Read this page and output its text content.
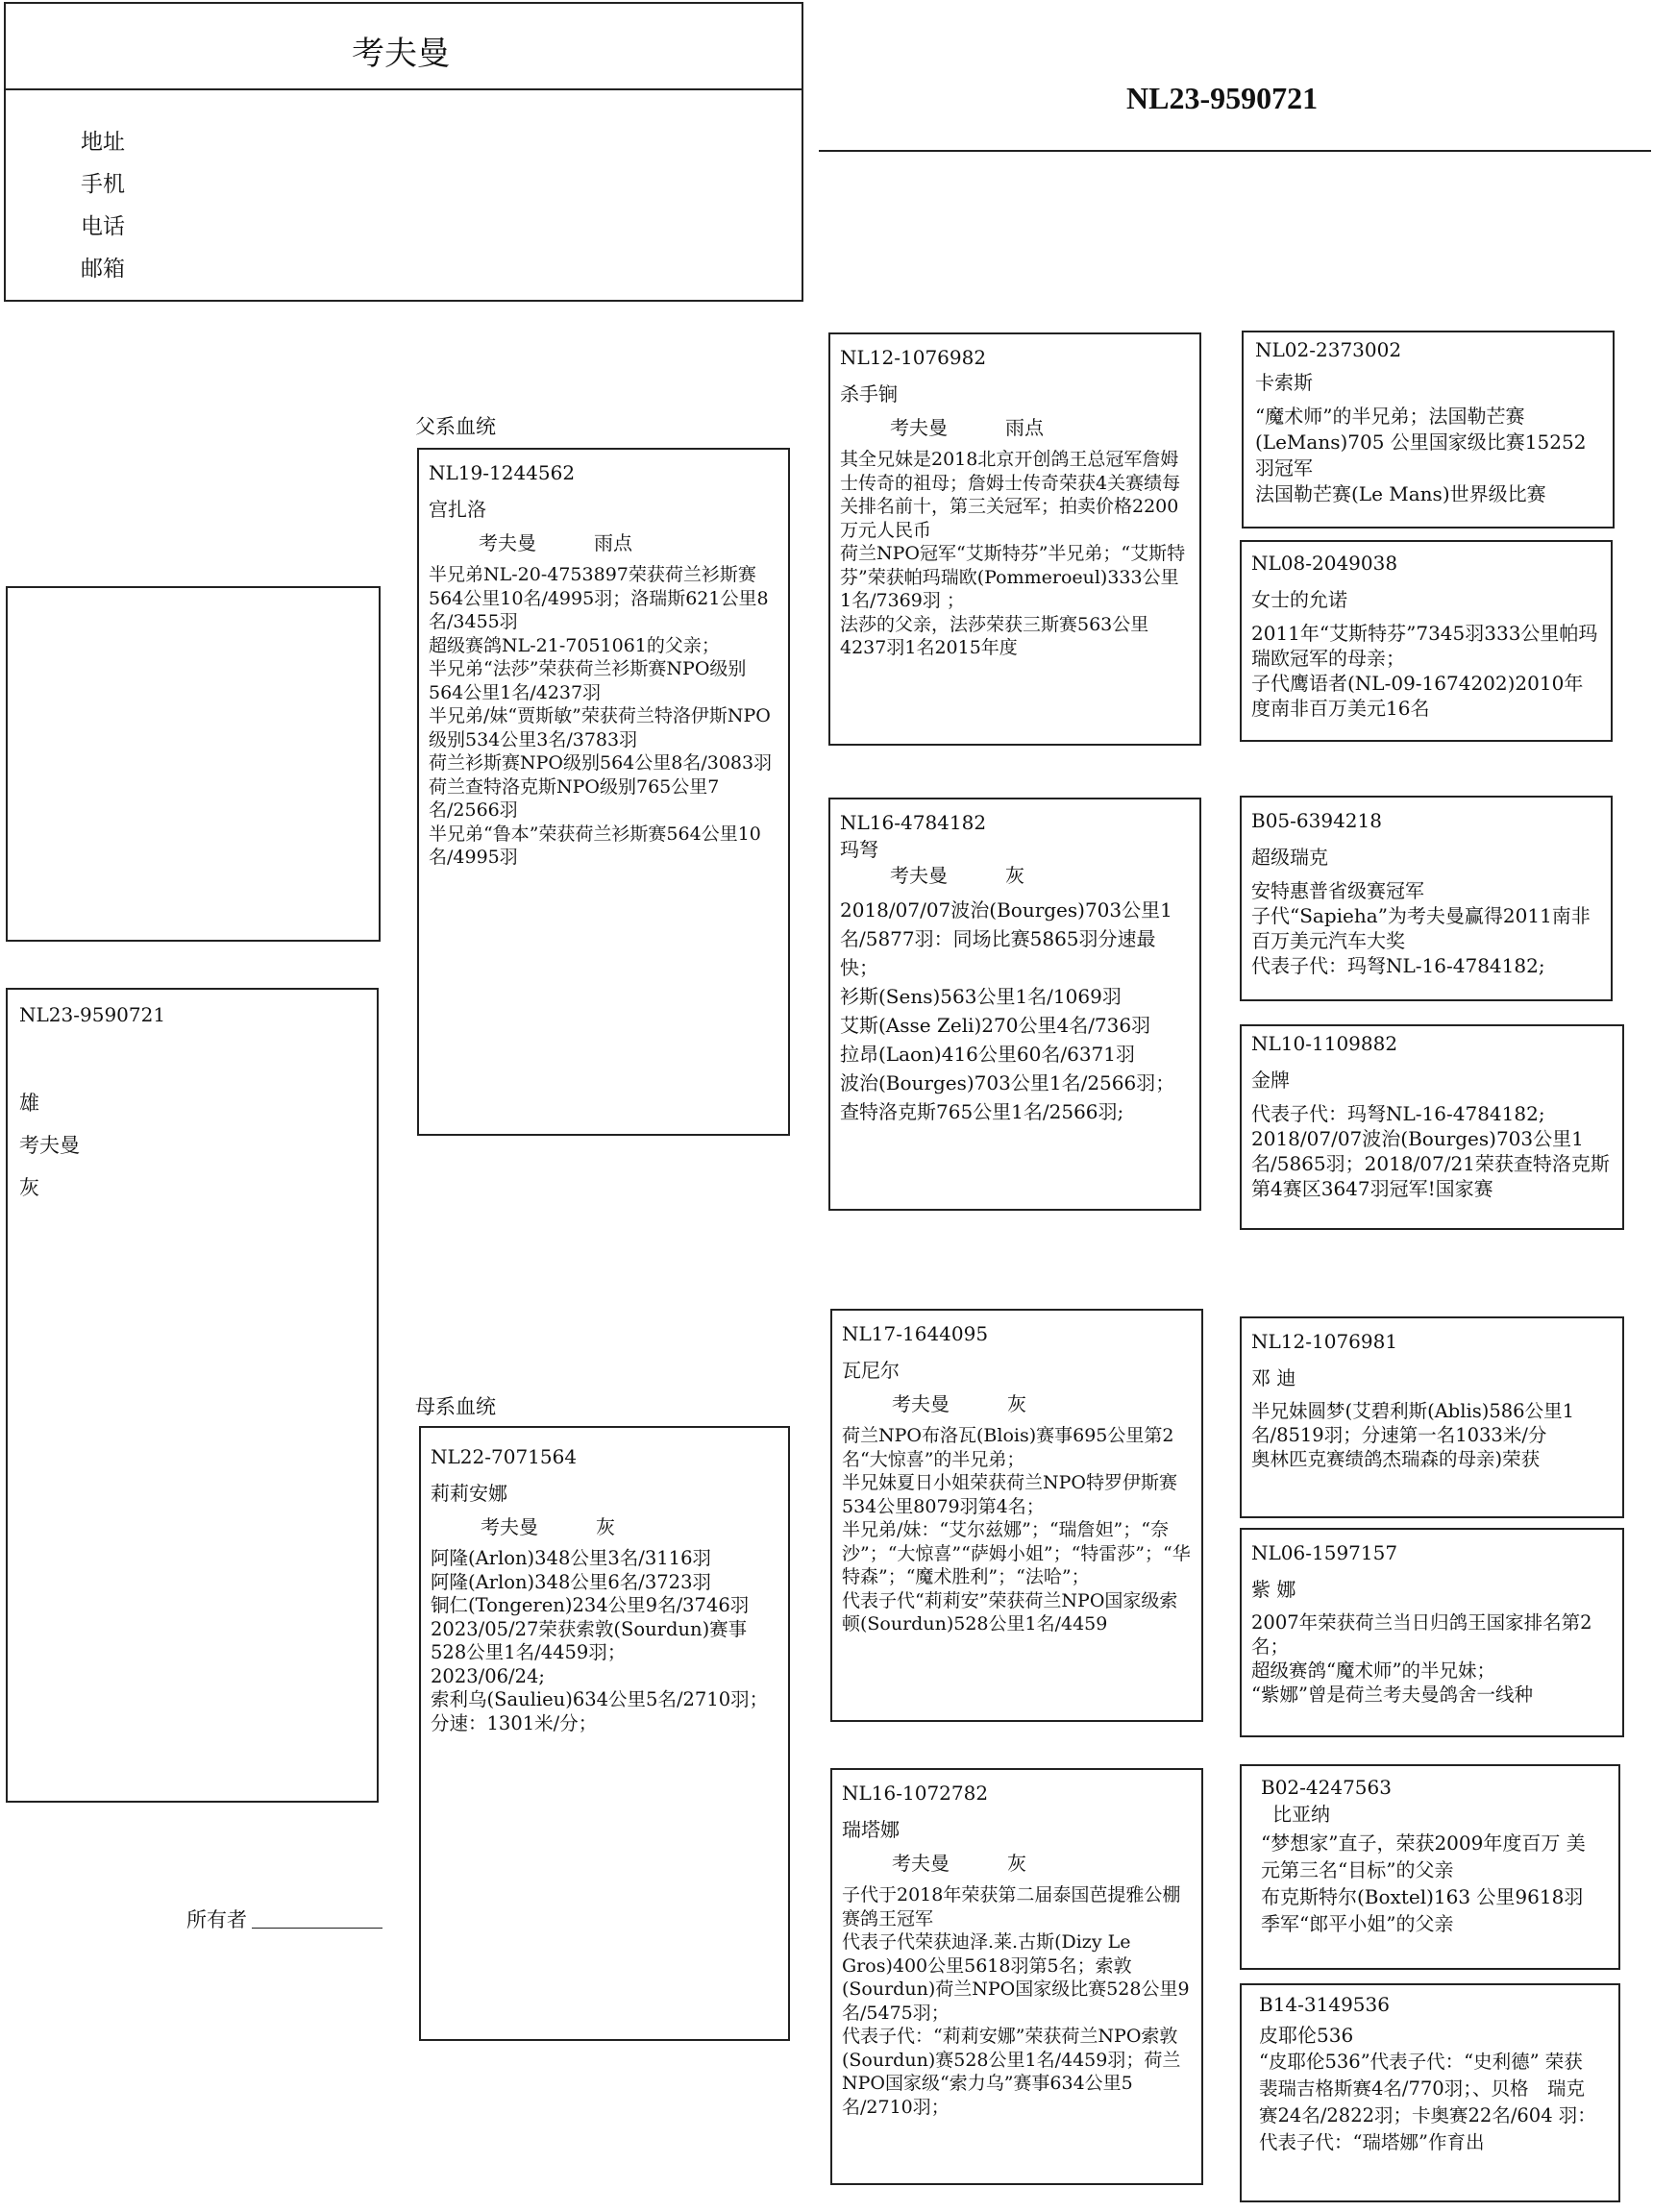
考夫曼
地址
手机
电话
邮箱
NL23-9590721
NL23-9590721
雄
考夫曼
灰
父系血统
母系血统
所有者
NL19-1244562
宫扎洛
考夫曼　　　	雨点
半兄弟NL-20-4753897荣获荷兰衫斯赛564公里10名/4995羽；洛瑞斯621公里8名/3455羽
超级赛鸽NL-21-7051061的父亲；
半兄弟“法莎”荣获荷兰衫斯赛NPO级别564公里1名/4237羽
半兄弟/妹“贾斯敏”荣获荷兰特洛伊斯NPO级别534公里3名/3783羽
荷兰衫斯赛NPO级别564公里8名/3083羽
荷兰查特洛克斯NPO级别765公里7名/2566羽
半兄弟“鲁本”荣获荷兰衫斯赛564公里10名/4995羽
NL22-7071564
莉莉安娜
考夫曼　　　	灰
阿隆(Arlon)348公里3名/3116羽
阿隆(Arlon)348公里6名/3723羽
铜仁(Tongeren)234公里9名/3746羽
2023/05/27荣获索敦(Sourdun)赛事528公里1名/4459羽；
2023/06/24;
索利乌(Saulieu)634公里5名/2710羽；分速：1301米/分；
NL12-1076982
杀手锏
考夫曼　　　	雨点
其全兄妹是2018北京开创鸽王总冠军詹姆士传奇的祖母；詹姆士传奇荣获4关赛绩每关排名前十，第三关冠军；拍卖价格2200万元人民币
荷兰NPO冠军“艾斯特芬”半兄弟；“艾斯特芬”荣获帕玛瑞欧(Pommeroeul)333公里1名/7369羽 ；
法莎的父亲，法莎荣获三斯赛563公里4237羽1名2015年度
NL16-4784182
玛弩
考夫曼　　　	灰
2018/07/07波治(Bourges)703公里1名/5877羽：同场比赛5865羽分速最快；
衫斯(Sens)563公里1名/1069羽
艾斯(Asse Zeli)270公里4名/736羽
拉昂(Laon)416公里60名/6371羽
波治(Bourges)703公里1名/2566羽；
查特洛克斯765公里1名/2566羽;
NL17-1644095
瓦尼尔
考夫曼　　　	灰
荷兰NPO布洛瓦(Blois)赛事695公里第2名“大惊喜”的半兄弟；
半兄妹夏日小姐荣获荷兰NPO特罗伊斯赛534公里8079羽第4名；
半兄弟/妹：“艾尔兹娜”；“瑞詹妲”；“奈沙”；“大惊喜”“萨姆小姐”；“特雷莎”；“华特森”；“魔术胜利”；“法哈”；
代表子代“莉莉安”荣获荷兰NPO国家级索顿(Sourdun)528公里1名/4459
NL16-1072782
瑞塔娜
考夫曼　　　	灰
子代于2018年荣获第二届泰国芭提雅公棚赛鸽王冠军
代表子代荣获迪泽.莱.古斯(Dizy Le Gros)400公里5618羽第5名；索敦(Sourdun)荷兰NPO国家级比赛528公里9名/5475羽；
代表子代：“莉莉安娜”荣获荷兰NPO索敦(Sourdun)赛528公里1名/4459羽；荷兰NPO国家级“索力乌”赛事634公里5名/2710羽；
NL02-2373002
卡索斯
“魔术师”的半兄弟；法国勒芒赛(LeMans)705 公里国家级比赛15252羽冠军
法国勒芒赛(Le Mans)世界级比赛
NL08-2049038
女士的允诺
2011年“艾斯特芬”7345羽333公里帕玛瑞欧冠军的母亲；
子代鹰语者(NL-09-1674202)2010年度南非百万美元16名
B05-6394218
超级瑞克
安特惠普省级赛冠军
子代“Sapieha”为考夫曼赢得2011南非百万美元汽车大奖
代表子代：玛弩NL-16-4784182;
NL10-1109882
金牌
代表子代：玛弩NL-16-4784182;
2018/07/07波治(Bourges)703公里1名/5865羽；2018/07/21荣获查特洛克斯第4赛区3647羽冠军!国家赛
NL12-1076981
邓 迪
半兄妹圆梦(艾碧利斯(Ablis)586公里1名/8519羽；分速第一名1033米/分
奥林匹克赛绩鸽杰瑞森的母亲)荣获
NL06-1597157
紫 娜
2007年荣获荷兰当日归鸽王国家排名第2名；
超级赛鸽“魔术师”的半兄妹；
“紫娜”曾是荷兰考夫曼鸽舍一线种
B02-4247563
比亚纳
“梦想家”直子，荣获2009年度百万 美元第三名“目标”的父亲
布克斯特尔(Boxtel)163 公里9618羽 季军“郎平小姐”的父亲
B14-3149536
皮耶伦536
“皮耶伦536”代表子代：“史利德” 荣获裴瑞吉格斯赛4名/770羽；、贝格　瑞克赛24名/2822羽；卡奥赛22名/604 羽：代表子代：“瑞塔娜”作育出
